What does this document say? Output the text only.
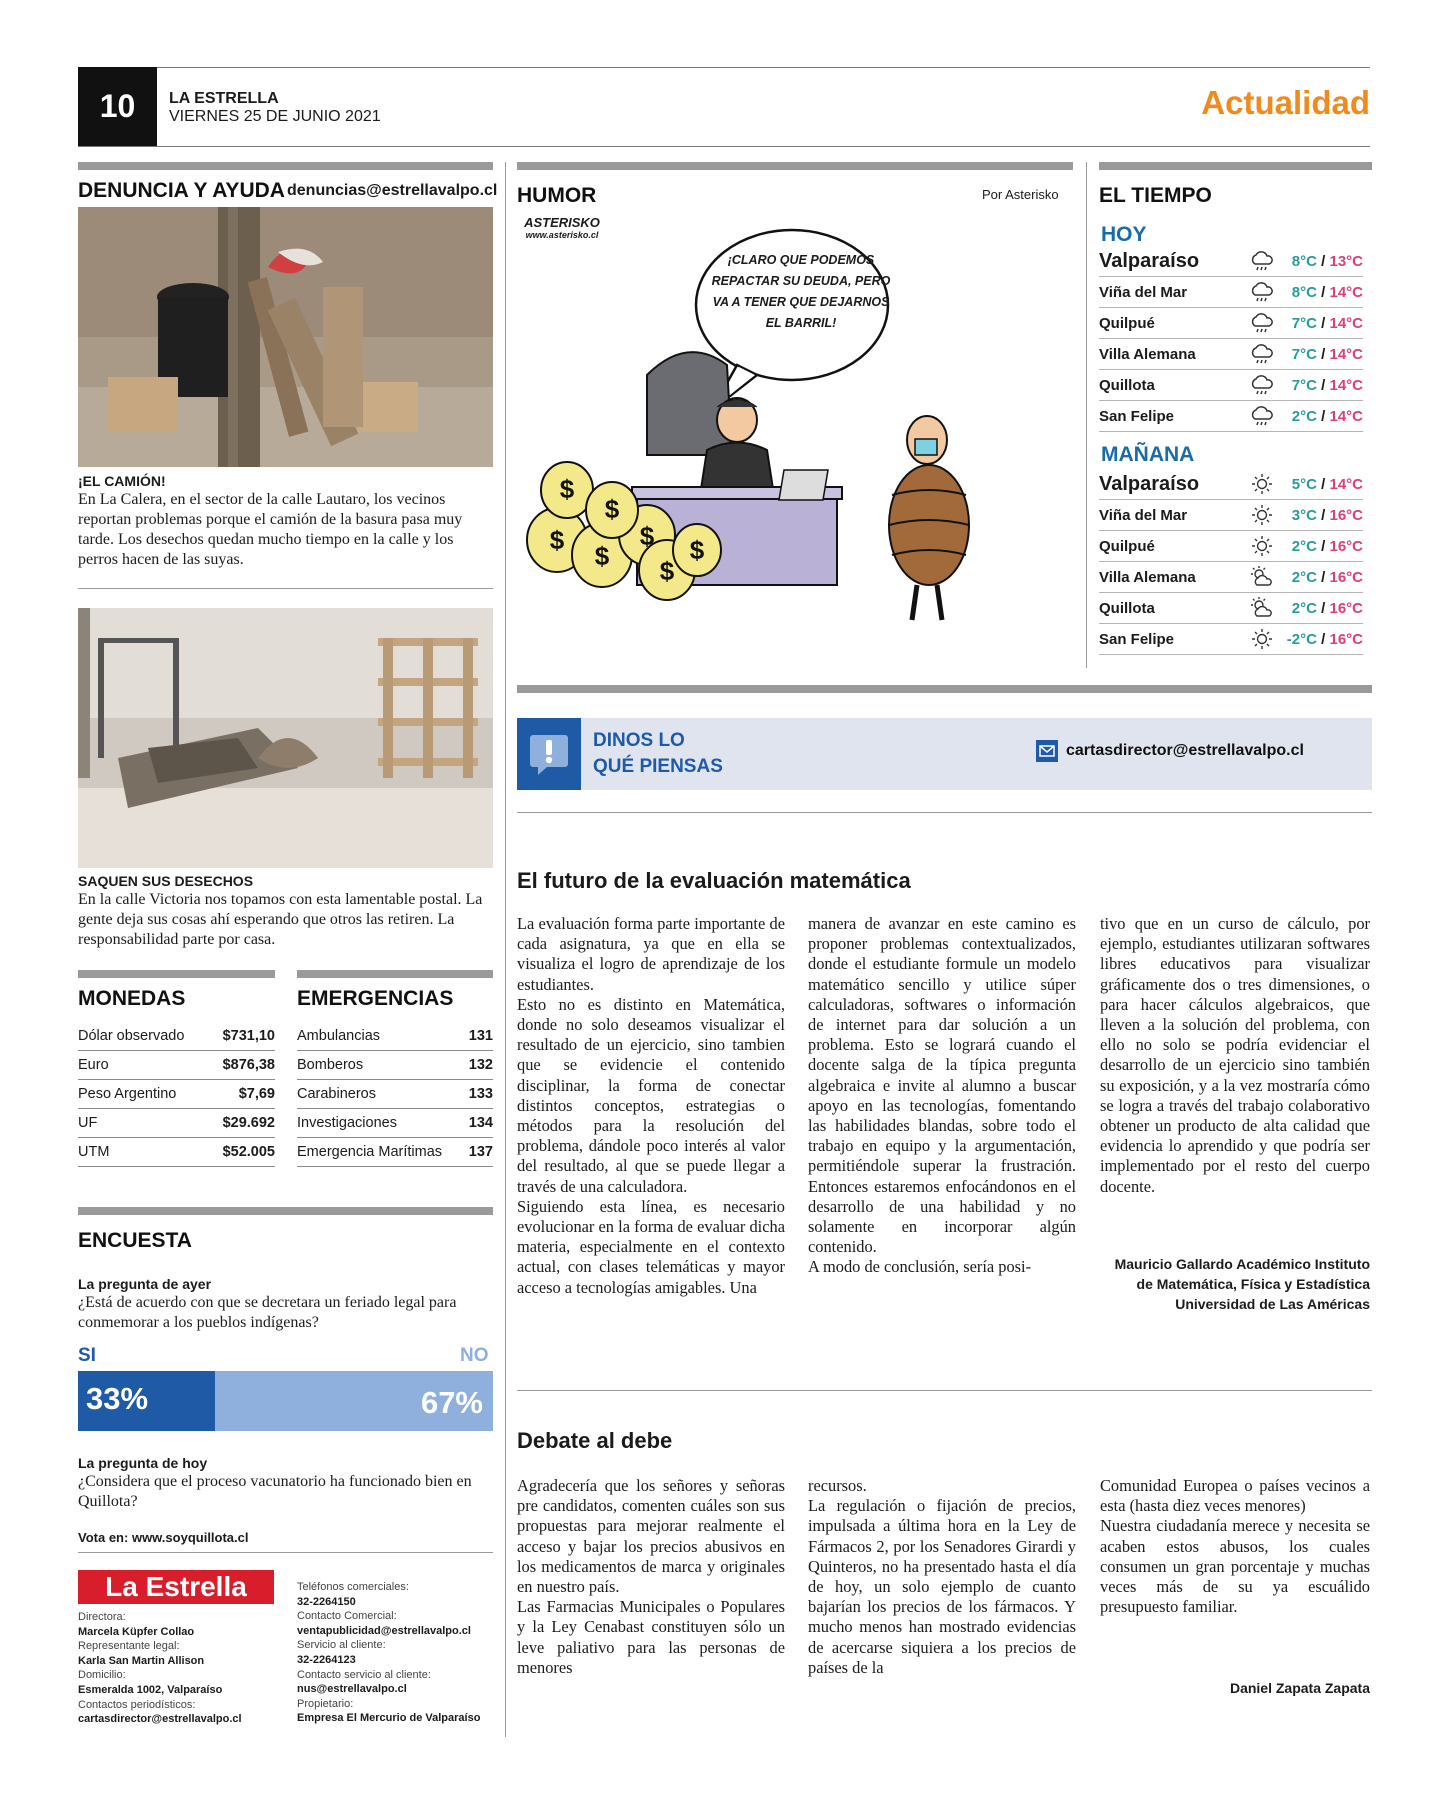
10	LA ESTRELLA
VIERNES 25 DE JUNIO 2021	Actualidad
DENUNCIA Y AYUDA denuncias@estrellavalpo.cl
¡EL CAMIÓN!
En La Calera, en el sector de la calle Lautaro, los vecinos reportan problemas porque el camión de la basura pasa muy tarde. Los desechos quedan mucho tiempo en la calle y los perros hacen de las suyas.
SAQUEN SUS DESECHOS
En la calle Victoria nos topamos con esta lamentable postal. La gente deja sus cosas ahí esperando que otros las retiren. La responsabilidad parte por casa.
MONEDAS	EMERGENCIAS
Dólar observado	$731,10
Euro	$876,38
Peso Argentino	$7,69
UF	$29.692
UTM	$52.005
Ambulancias	131
Bomberos	132
Carabineros	133
Investigaciones	134
Emergencia Marítimas 137
ENCUESTA
La pregunta de ayer
¿Está de acuerdo con que se decretara un feriado legal para conmemorar a los pueblos indígenas?
SI	NO
33%	67%
La pregunta de hoy
¿Considera que el proceso vacunatorio ha funcionado bien en Quillota?
Vota en: www.soyquillota.cl
La Estrella
Directora:
Marcela Küpfer Collao
Representante legal:
Karla San Martin Allison
Domicilio:
Esmeralda 1002, Valparaíso
Contactos periodísticos:
cartasdirector@estrellavalpo.cl
Teléfonos comerciales:
32-2264150
Contacto Comercial:
ventapublicidad@estrellavalpo.cl
Servicio al cliente:
32-2264123
Contacto servicio al cliente:
nus@estrellavalpo.cl
Propietario:
Empresa El Mercurio de Valparaíso
HUMOR	Por Asterisko
ASTERISKO
www.asterisko.cl
$
$
$
$
$
$
$
¡CLARO QUE PODEMOS REPACTAR SU DEUDA, PERO VA A TENER QUE DEJARNOS EL BARRIL!
EL TIEMPO
HOY
Valparaíso	8°C / 13°C
Viña del Mar	8°C / 14°C
Quilpué	7°C / 14°C
Villa Alemana	7°C / 14°C
Quillota	7°C / 14°C
San Felipe	2°C / 14°C
MAÑANA
Valparaíso	5°C / 14°C
Viña del Mar	3°C / 16°C
Quilpué	2°C / 16°C
Villa Alemana	2°C / 16°C
Quillota	2°C / 16°C
San Felipe	-2°C / 16°C
DINOS LO
QUÉ PIENSAS
cartasdirector@estrellavalpo.cl
El futuro de la evaluación matemática

La evaluación forma parte importante de cada asignatura, ya que en ella se visualiza el logro de aprendizaje de los estudiantes.

Esto no es distinto en Matemática, donde no solo deseamos visualizar el resultado de un ejercicio, sino tambien que se evidencie el contenido disciplinar, la forma de conectar distintos conceptos, estrategias o métodos para la resolución del problema, dándole poco interés al valor del resultado, al que se puede llegar a través de una calculadora.

Siguiendo esta línea, es necesario evolucionar en la forma de evaluar dicha materia, especialmente en el contexto actual, con clases telemáticas y mayor acceso a tecnologías amigables. Una

manera de avanzar en este camino es proponer problemas contextualizados, donde el estudiante formule un modelo matemático sencillo y utilice súper calculadoras, softwares o información de internet para dar solución a un problema. Esto se logrará cuando el docente salga de la típica pregunta algebraica e invite al alumno a buscar apoyo en las tecnologías, fomentando las habilidades blandas, sobre todo el trabajo en equipo y la argumentación, permitiéndole superar la frustración. Entonces estaremos enfocándonos en el desarrollo de una habilidad y no solamente en incorporar algún contenido.

A modo de conclusión, sería posi-

tivo que en un curso de cálculo, por ejemplo, estudiantes utilizaran softwares libres educativos para visualizar gráficamente dos o tres dimensiones, o para hacer cálculos algebraicos, que lleven a la solución del problema, con ello no solo se podría evidenciar el desarrollo de un ejercicio sino también su exposición, y a la vez mostraría cómo se logra a través del trabajo colaborativo obtener un producto de alta calidad que evidencia lo aprendido y que podría ser implementado por el resto del cuerpo docente.

Mauricio Gallardo Académico Instituto
de Matemática, Física y Estadística
Universidad de Las Américas
Debate al debe

Agradecería que los señores y señoras pre candidatos, comenten cuáles son sus propuestas para mejorar realmente el acceso y bajar los precios abusivos en los medicamentos de marca y originales en nuestro país.

Las Farmacias Municipales o Populares y la Ley Cenabast constituyen sólo un leve paliativo para las personas de menores

recursos.

La regulación o fijación de precios, impulsada a última hora en la Ley de Fármacos 2, por los Senadores Girardi y Quinteros, no ha presentado hasta el día de hoy, un solo ejemplo de cuanto bajarían los precios de los fármacos. Y mucho menos han mostrado evidencias de acercarse siquiera a los precios de países de la

Comunidad Europea o países vecinos a esta (hasta diez veces menores)

Nuestra ciudadanía merece y necesita se acaben estos abusos, los cuales consumen un gran porcentaje y muchas veces más de su ya escuálido presupuesto familiar.

Daniel Zapata Zapata
